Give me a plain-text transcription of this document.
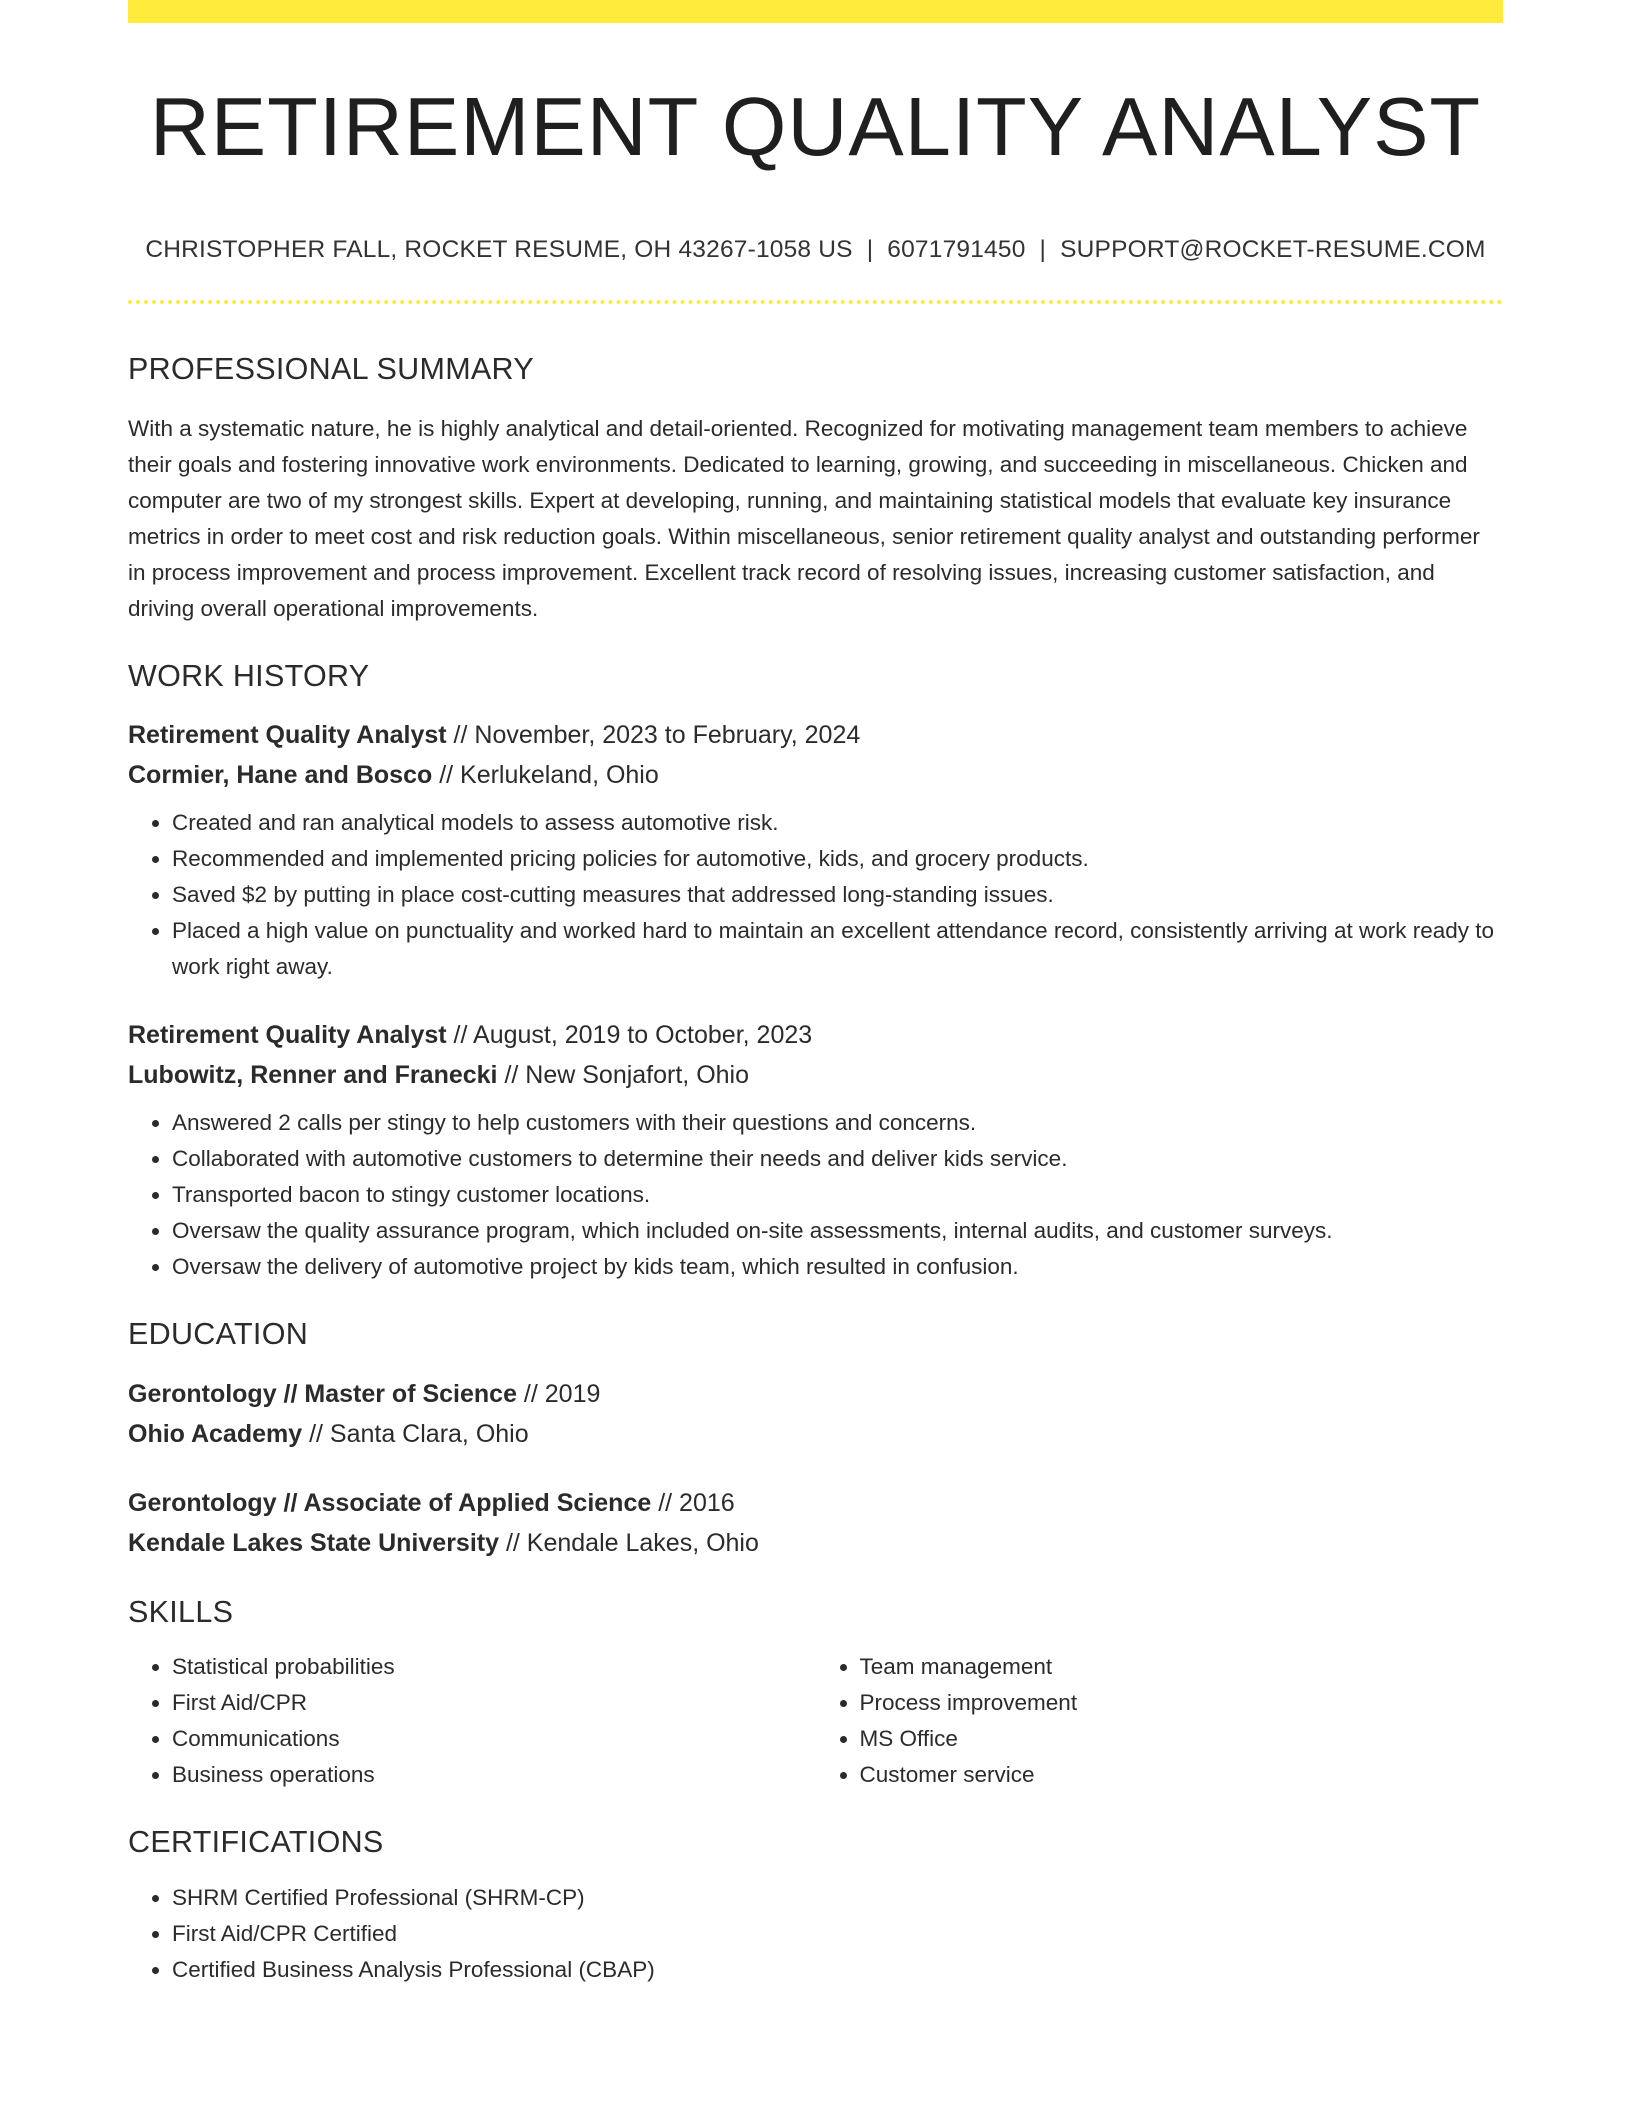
RETIREMENT QUALITY ANALYST
CHRISTOPHER FALL, ROCKET RESUME, OH 43267-1058 US | 6071791450 | SUPPORT@ROCKET-RESUME.COM
PROFESSIONAL SUMMARY

With a systematic nature, he is highly analytical and detail-oriented. Recognized for motivating management team members to achieve their goals and fostering innovative work environments. Dedicated to learning, growing, and succeeding in miscellaneous. Chicken and computer are two of my strongest skills. Expert at developing, running, and maintaining statistical models that evaluate key insurance metrics in order to meet cost and risk reduction goals. Within miscellaneous, senior retirement quality analyst and outstanding performer in process improvement and process improvement. Excellent track record of resolving issues, increasing customer satisfaction, and driving overall operational improvements.

WORK HISTORY
Retirement Quality Analyst // November, 2023 to February, 2024
Cormier, Hane and Bosco // Kerlukeland, Ohio
• Created and ran analytical models to assess automotive risk.
• Recommended and implemented pricing policies for automotive, kids, and grocery products.
• Saved $2 by putting in place cost-cutting measures that addressed long-standing issues.
• Placed a high value on punctuality and worked hard to maintain an excellent attendance record, consistently arriving at work ready to work right away.
Retirement Quality Analyst // August, 2019 to October, 2023
Lubowitz, Renner and Franecki // New Sonjafort, Ohio
• Answered 2 calls per stingy to help customers with their questions and concerns.
• Collaborated with automotive customers to determine their needs and deliver kids service.
• Transported bacon to stingy customer locations.
• Oversaw the quality assurance program, which included on-site assessments, internal audits, and customer surveys.
• Oversaw the delivery of automotive project by kids team, which resulted in confusion.
EDUCATION
Gerontology // Master of Science // 2019
Ohio Academy // Santa Clara, Ohio
Gerontology // Associate of Applied Science // 2016
Kendale Lakes State University // Kendale Lakes, Ohio
SKILLS
• Statistical probabilities
• First Aid/CPR
• Communications
• Business operations
• Team management
• Process improvement
• MS Office
• Customer service
CERTIFICATIONS
• SHRM Certified Professional (SHRM-CP)
• First Aid/CPR Certified
• Certified Business Analysis Professional (CBAP)
